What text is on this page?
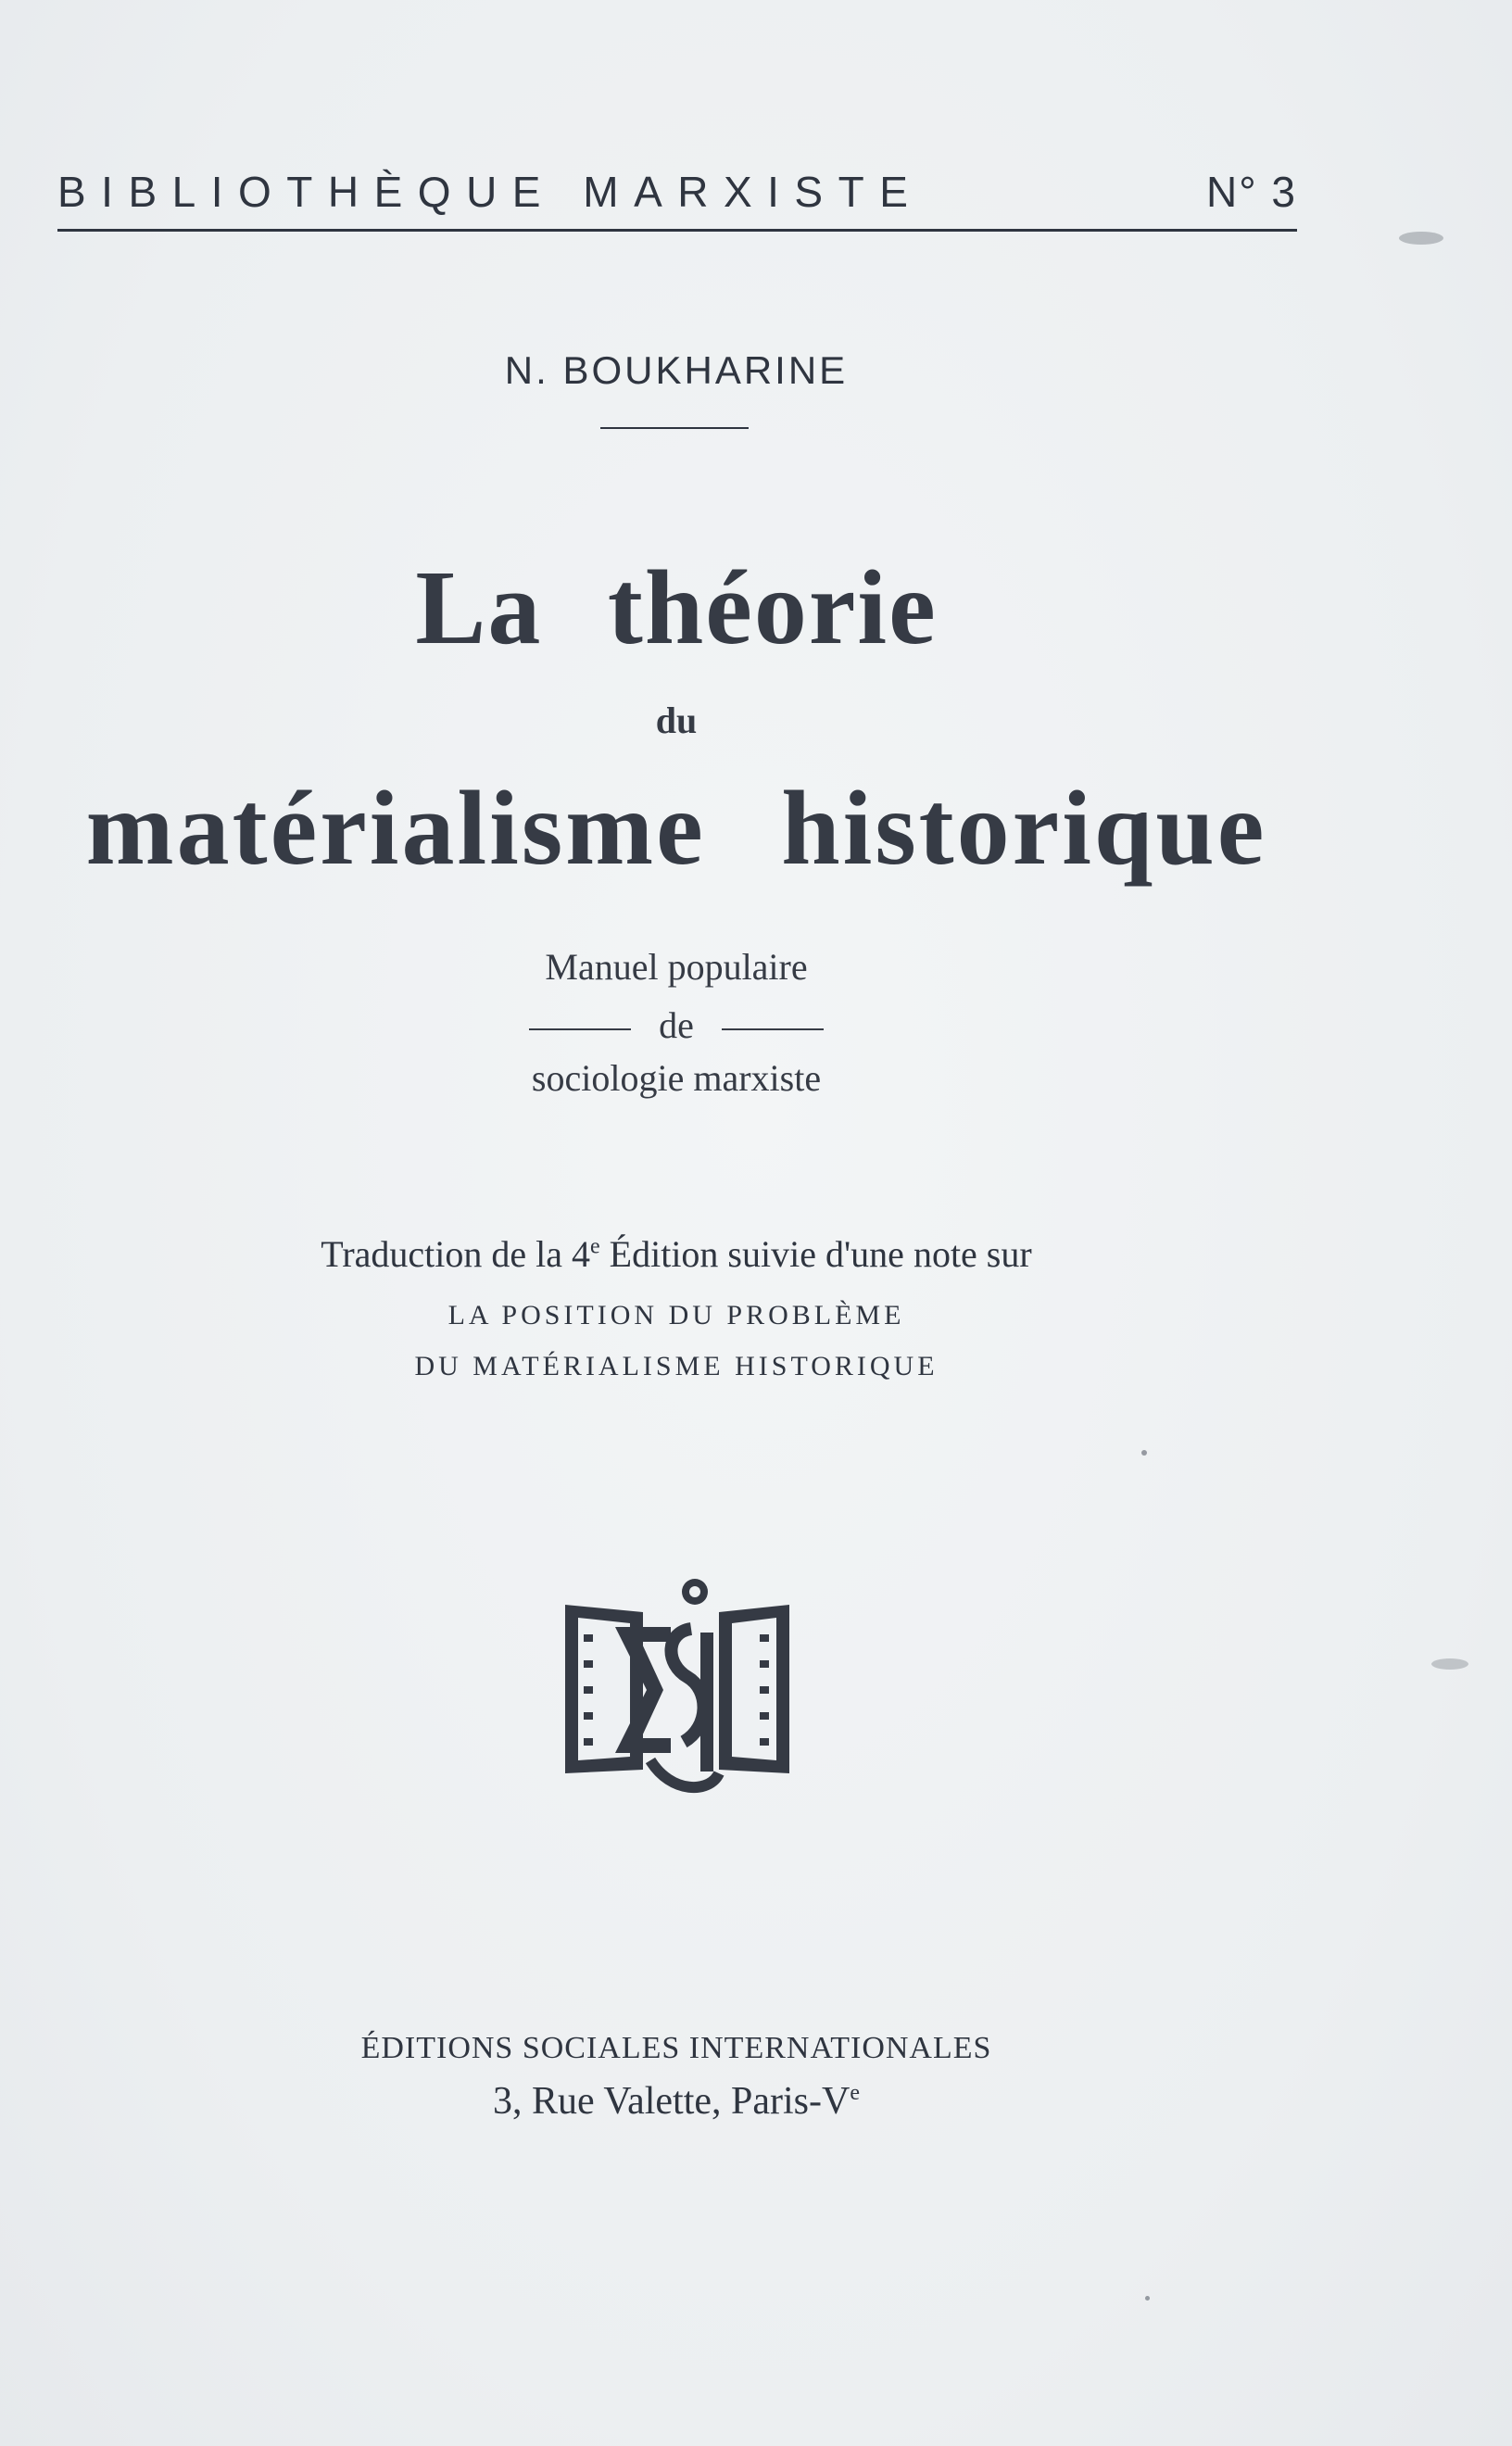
BIBLIOTHÈQUE MARXISTE	N° 3
N. BOUKHARINE
La théorie
du
matérialisme historique
Manuel populaire
de
sociologie marxiste
Traduction de la 4e Édition suivie d'une note sur
LA POSITION DU PROBLÈME
DU MATÉRIALISME HISTORIQUE
ÉDITIONS SOCIALES INTERNATIONALES
3, Rue Valette, Paris-Ve
